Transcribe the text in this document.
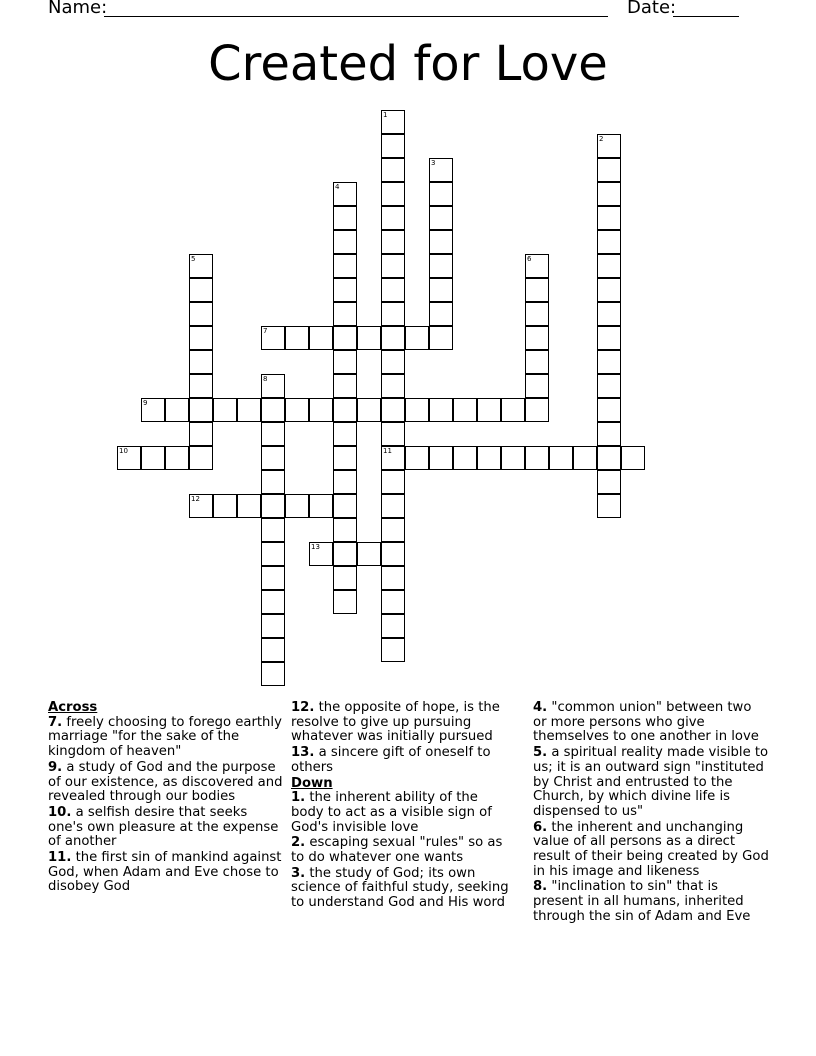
Name:	Date:
Created for Love
1
11
2
3
4
5	6
7
8
9
10
12
13

Across

7. freely choosing to forego earthly marriage "for the sake of the kingdom of heaven"

9. a study of God and the purpose of our existence, as discovered and revealed through our bodies

10. a selfish desire that seeks one's own pleasure at the expense of another

11. the first sin of mankind against God, when Adam and Eve chose to disobey God

12. the opposite of hope, is the resolve to give up pursuing whatever was initially pursued

13. a sincere gift of oneself to others

Down

1. the inherent ability of the body to act as a visible sign of God's invisible love

2. escaping sexual "rules" so as to do whatever one wants

3. the study of God; its own science of faithful study, seeking to understand God and His word

4. "common union" between two or more persons who give themselves to one another in love

5. a spiritual reality made visible to us; it is an outward sign "instituted by Christ and entrusted to the Church, by which divine life is dispensed to us"

6. the inherent and unchanging value of all persons as a direct result of their being created by God in his image and likeness

8. "inclination to sin" that is present in all humans, inherited through the sin of Adam and Eve
